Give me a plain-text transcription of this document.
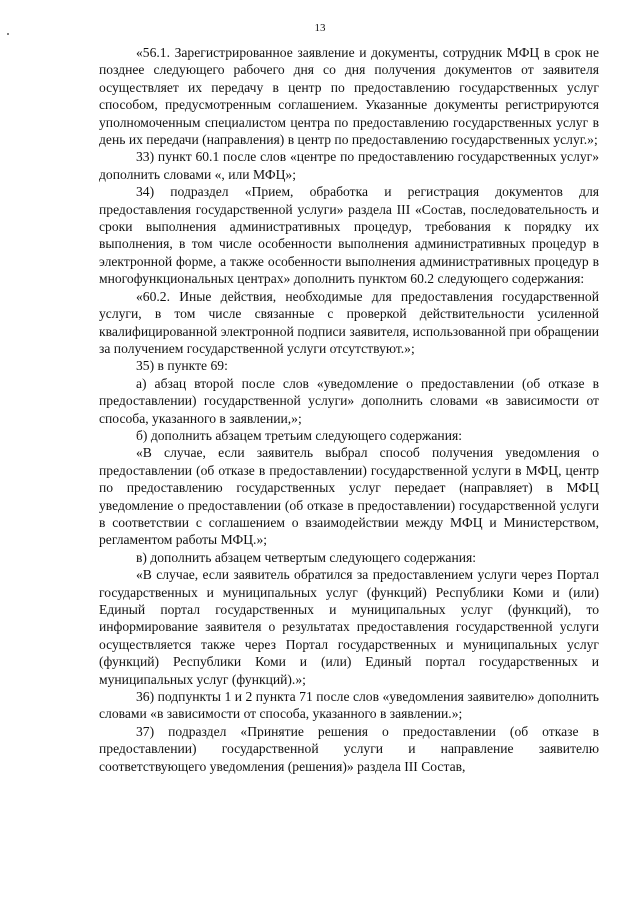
13

«56.1. Зарегистрированное заявление и документы, сотрудник МФЦ в срок не позднее следующего рабочего дня со дня получения документов от заявителя осуществляет их передачу в центр по предоставлению государственных услуг способом, предусмотренным соглашением. Указанные документы регистрируются уполномоченным специалистом центра по предоставлению государственных услуг в день их передачи (направления) в центр по предоставлению государственных услуг.»;

33) пункт 60.1 после слов «центре по предоставлению государственных услуг» дополнить словами «, или МФЦ»;

34) подраздел «Прием, обработка и регистрация документов для предоставления государственной услуги» раздела III «Состав, последовательность и сроки выполнения административных процедур, требования к порядку их выполнения, в том числе особенности выполнения административных процедур в электронной форме, а также особенности выполнения административных процедур в многофункциональных центрах» дополнить пунктом 60.2 следующего содержания:

«60.2. Иные действия, необходимые для предоставления государственной услуги, в том числе связанные с проверкой действительности усиленной квалифицированной электронной подписи заявителя, использованной при обращении за получением государственной услуги отсутствуют.»;

35) в пункте 69:

а) абзац второй после слов «уведомление о предоставлении (об отказе в предоставлении) государственной услуги» дополнить словами «в зависимости от способа, указанного в заявлении,»;

б) дополнить абзацем третьим следующего содержания:

«В случае, если заявитель выбрал способ получения уведомления о предоставлении (об отказе в предоставлении) государственной услуги в МФЦ, центр по предоставлению государственных услуг передает (направляет) в МФЦ уведомление о предоставлении (об отказе в предоставлении) государственной услуги в соответствии с соглашением о взаимодействии между МФЦ и Министерством, регламентом работы МФЦ.»;

в) дополнить абзацем четвертым следующего содержания:

«В случае, если заявитель обратился за предоставлением услуги через Портал государственных и муниципальных услуг (функций) Республики Коми и (или) Единый портал государственных и муниципальных услуг (функций), то информирование заявителя о результатах предоставления государственной услуги осуществляется также через Портал государственных и муниципальных услуг (функций) Республики Коми и (или) Единый портал государственных и муниципальных услуг (функций).»;

36) подпункты 1 и 2 пункта 71 после слов «уведомления заявителю» дополнить словами «в зависимости от способа, указанного в заявлении.»;

37) подраздел «Принятие решения о предоставлении (об отказе в предоставлении) государственной услуги и направление заявителю соответствующего уведомления (решения)» раздела III Состав,
